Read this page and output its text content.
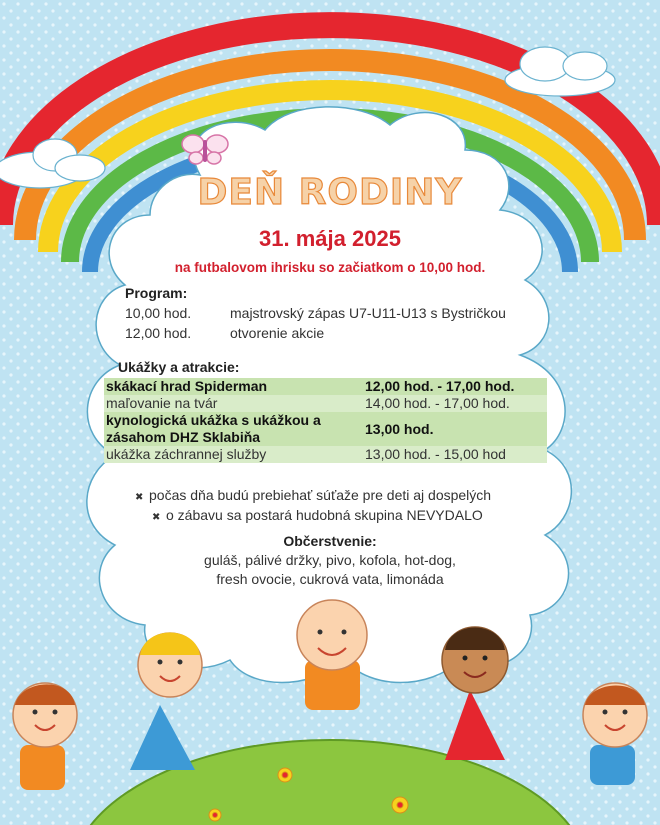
DEŇ RODINY
31. mája 2025
na futbalovom ihrisku so začiatkom o 10,00 hod.
Program:
10,00 hod.	majstrovský zápas U7-U11-U13 s Bystričkou
12,00 hod.	otvorenie akcie
Ukážky a atrakcie:
skákací hrad Spiderman	12,00 hod. - 17,00 hod.
maľovanie na tvár	14,00 hod. - 17,00 hod.
kynologická ukážka s ukážkou a zásahom DHZ Sklabiňa	13,00 hod.
ukážka záchrannej služby	13,00 hod. - 15,00 hod
✖ počas dňa budú prebiehať súťaže pre deti aj dospelých
✖ o zábavu sa postará hudobná skupina NEVYDALO
Občerstvenie:
guláš, pálivé držky, pivo, kofola, hot-dog,
fresh ovocie, cukrová vata, limonáda
